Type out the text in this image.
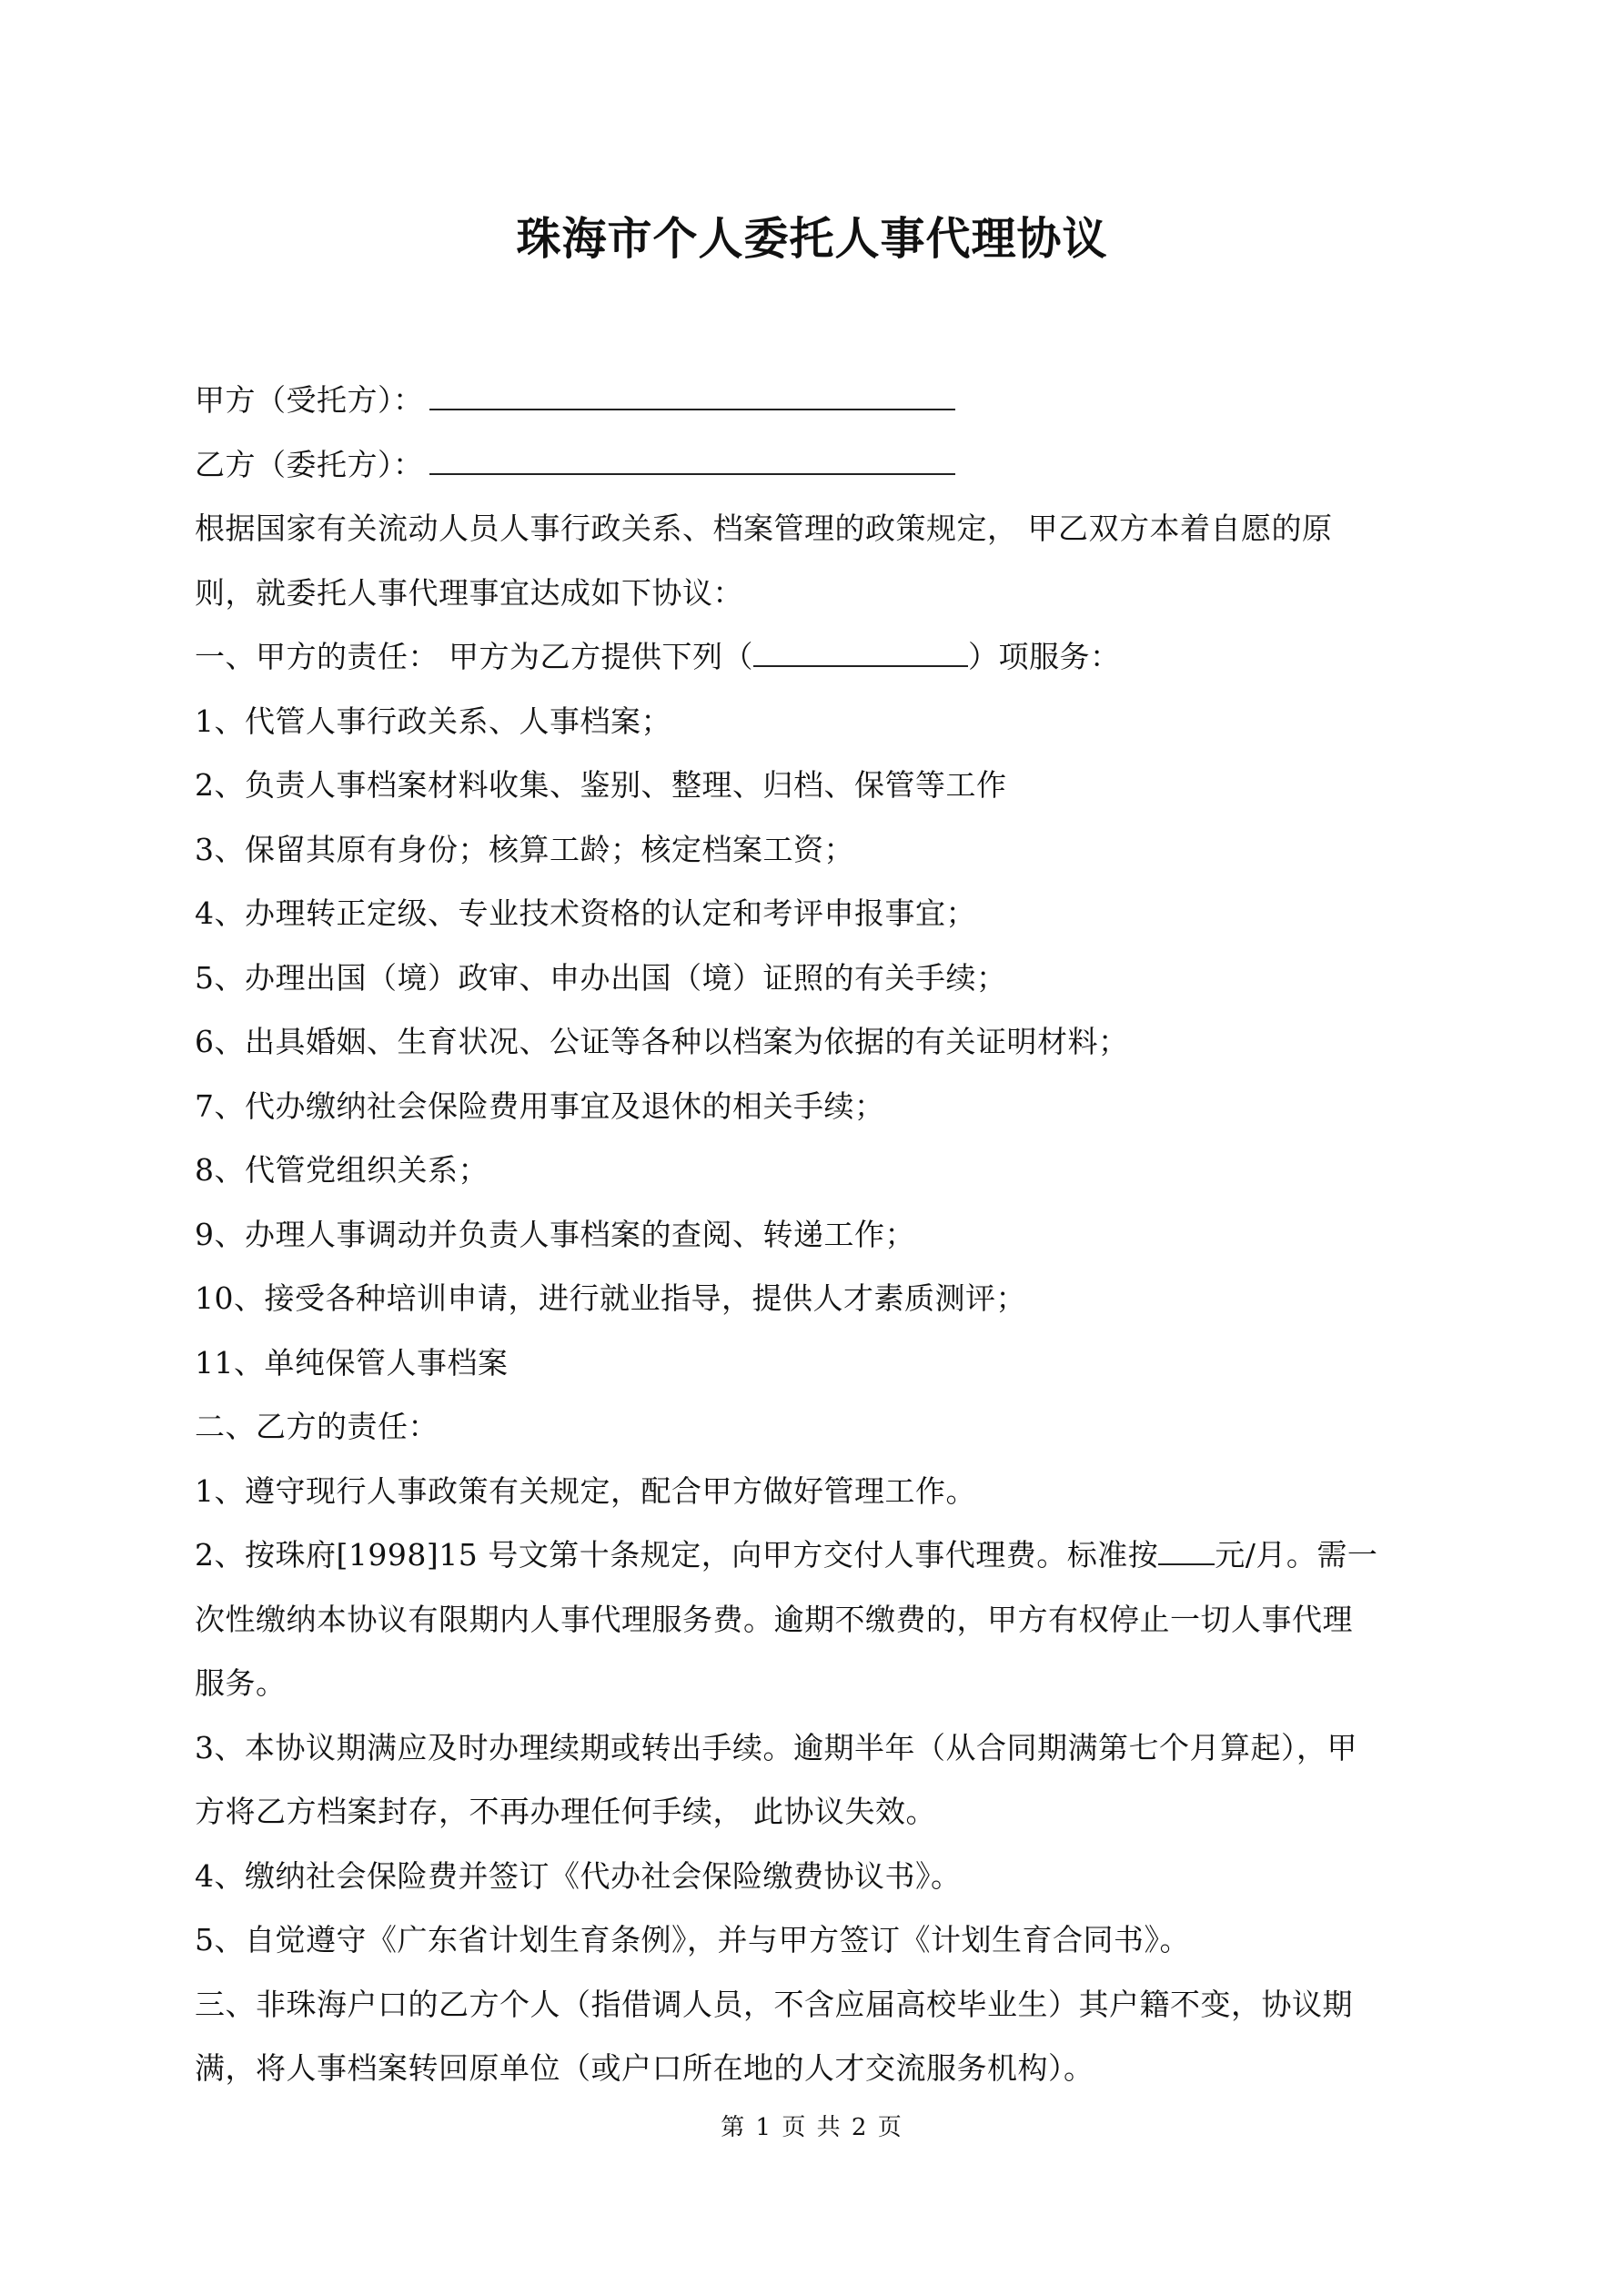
珠海市个人委托人事代理协议
甲方（受托方）：
乙方（委托方）：
根据国家有关流动人员人事行政关系、档案管理的政策规定， 甲乙双方本着自愿的原
则，就委托人事代理事宜达成如下协议：
一、甲方的责任： 甲方为乙方提供下列（	）项服务：
1、代管人事行政关系、人事档案；
2、负责人事档案材料收集、鉴别、整理、归档、保管等工作
3、保留其原有身份；核算工龄；核定档案工资；
4、办理转正定级、专业技术资格的认定和考评申报事宜；
5、办理出国（境）政审、申办出国（境）证照的有关手续；
6、出具婚姻、生育状况、公证等各种以档案为依据的有关证明材料；
7、代办缴纳社会保险费用事宜及退休的相关手续；
8、代管党组织关系；
9、办理人事调动并负责人事档案的查阅、转递工作；
10、接受各种培训申请，进行就业指导，提供人才素质测评；
11、单纯保管人事档案
二、乙方的责任：
1、遵守现行人事政策有关规定，配合甲方做好管理工作。
2、按珠府[1998]15 号文第十条规定，向甲方交付人事代理费。标准按 元/月。需一
次性缴纳本协议有限期内人事代理服务费。逾期不缴费的，甲方有权停止一切人事代理
服务。
3、本协议期满应及时办理续期或转出手续。逾期半年（从合同期满第七个月算起），甲
方将乙方档案封存，不再办理任何手续， 此协议失效。
4、缴纳社会保险费并签订《代办社会保险缴费协议书》。
5、自觉遵守《广东省计划生育条例》，并与甲方签订《计划生育合同书》。
三、非珠海户口的乙方个人（指借调人员，不含应届高校毕业生）其户籍不变，协议期
满，将人事档案转回原单位（或户口所在地的人才交流服务机构）。
第 1 页 共 2 页
